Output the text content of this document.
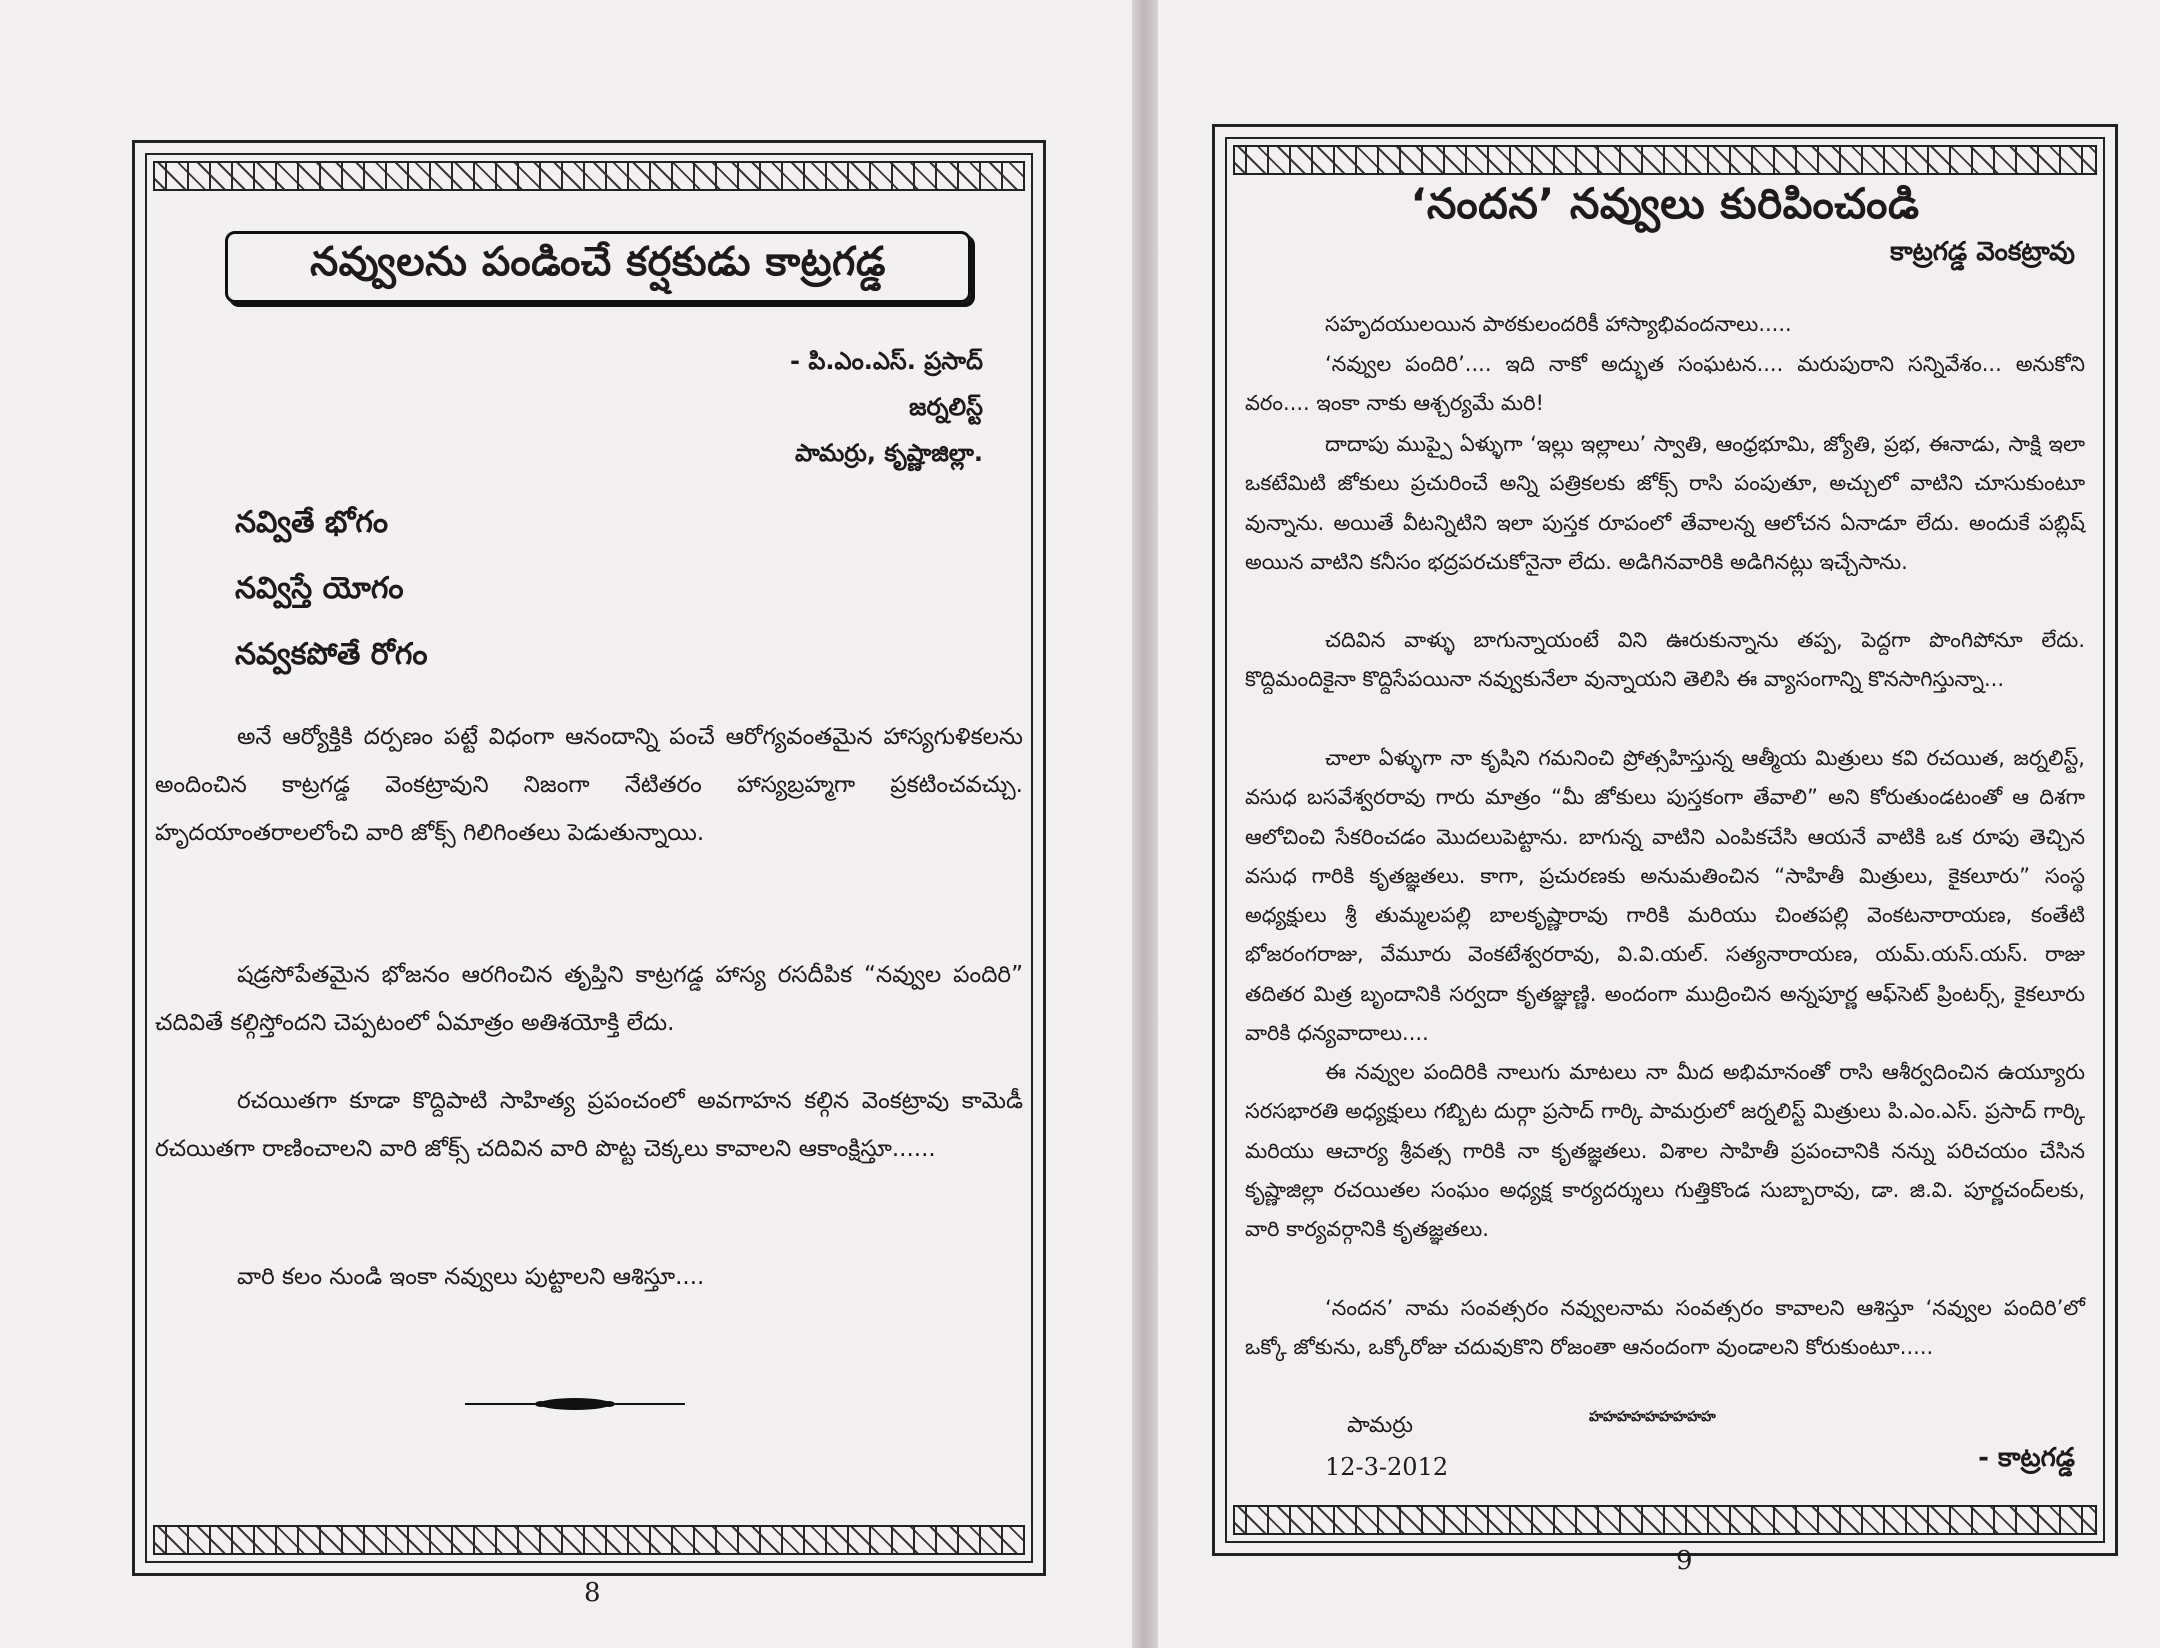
నవ్వులను పండించే కర్షకుడు కాట్రగడ్డ
- పి.ఎం.ఎస్. ప్రసాద్
జర్నలిస్ట్
పామర్రు, కృష్ణాజిల్లా.
నవ్వితే భోగం
నవ్విస్తే యోగం
నవ్వకపోతే రోగం
అనే ఆర్యోక్తికి దర్పణం పట్టే విధంగా ఆనందాన్ని పంచే ఆరోగ్యవంతమైన హాస్యగుళికలను అందించిన కాట్రగడ్డ వెంకట్రావుని నిజంగా నేటితరం హాస్యబ్రహ్మగా ప్రకటించవచ్చు. హృదయాంతరాలలోంచి వారి జోక్స్ గిలిగింతలు పెడుతున్నాయి.
షడ్రసోపేతమైన భోజనం ఆరగించిన తృప్తిని కాట్రగడ్డ హాస్య రసదీపిక “నవ్వుల పందిరి” చదివితే కల్గిస్తోందని చెప్పటంలో ఏమాత్రం అతిశయోక్తి లేదు.
రచయితగా కూడా కొద్దిపాటి సాహిత్య ప్రపంచంలో అవగాహన కల్గిన వెంకట్రావు కామెడీ రచయితగా రాణించాలని వారి జోక్స్ చదివిన వారి పొట్ట చెక్కలు కావాలని ఆకాంక్షిస్తూ......
వారి కలం నుండి ఇంకా నవ్వులు పుట్టాలని ఆశిస్తూ....
8
‘నందన’ నవ్వులు కురిపించండి
కాట్రగడ్డ వెంకట్రావు
సహృదయులయిన పాఠకులందరికీ హాస్యాభివందనాలు.....
‘నవ్వుల పందిరి’.... ఇది నాకో అద్భుత సంఘటన.... మరుపురాని సన్నివేశం... అనుకోని వరం.... ఇంకా నాకు ఆశ్చర్యమే మరి!
దాదాపు ముప్పై ఏళ్ళుగా ‘ఇల్లు ఇల్లాలు’ స్వాతి, ఆంధ్రభూమి, జ్యోతి, ప్రభ, ఈనాడు, సాక్షి ఇలా ఒకటేమిటి జోకులు ప్రచురించే అన్ని పత్రికలకు జోక్స్ రాసి పంపుతూ, అచ్చులో వాటిని చూసుకుంటూ వున్నాను. అయితే వీటన్నిటిని ఇలా పుస్తక రూపంలో తేవాలన్న ఆలోచన ఏనాడూ లేదు. అందుకే పబ్లిష్ అయిన వాటిని కనీసం భద్రపరచుకోనైనా లేదు. అడిగినవారికి అడిగినట్లు ఇచ్చేసాను.
చదివిన వాళ్ళు బాగున్నాయంటే విని ఊరుకున్నాను తప్ప, పెద్దగా పొంగిపోనూ లేదు. కొద్దిమందికైనా కొద్దిసేపయినా నవ్వుకునేలా వున్నాయని తెలిసి ఈ వ్యాసంగాన్ని కొనసాగిస్తున్నా...
చాలా ఏళ్ళుగా నా కృషిని గమనించి ప్రోత్సహిస్తున్న ఆత్మీయ మిత్రులు కవి రచయిత, జర్నలిస్ట్, వసుధ బసవేశ్వరరావు గారు మాత్రం “మీ జోకులు పుస్తకంగా తేవాలి” అని కోరుతుండటంతో ఆ దిశగా ఆలోచించి సేకరించడం మొదలుపెట్టాను. బాగున్న వాటిని ఎంపికచేసి ఆయనే వాటికి ఒక రూపు తెచ్చిన వసుధ గారికి కృతజ్ఞతలు. కాగా, ప్రచురణకు అనుమతించిన “సాహితీ మిత్రులు, కైకలూరు” సంస్థ అధ్యక్షులు శ్రీ తుమ్మలపల్లి బాలకృష్ణారావు గారికి మరియు చింతపల్లి వెంకటనారాయణ, కంతేటి భోజరంగరాజు, వేమూరు వెంకటేశ్వరరావు, వి.వి.యల్. సత్యనారాయణ, యమ్.యస్.యస్. రాజు తదితర మిత్ర బృందానికి సర్వదా కృతజ్ఞుణ్ణి. అందంగా ముద్రించిన అన్నపూర్ణ ఆఫ్‌సెట్ ప్రింటర్స్, కైకలూరు వారికి ధన్యవాదాలు....
ఈ నవ్వుల పందిరికి నాలుగు మాటలు నా మీద అభిమానంతో రాసి ఆశీర్వదించిన ఉయ్యూరు సరసభారతి అధ్యక్షులు గబ్బిట దుర్గా ప్రసాద్ గార్కి పామర్రులో జర్నలిస్ట్ మిత్రులు పి.ఎం.ఎస్. ప్రసాద్ గార్కి మరియు ఆచార్య శ్రీవత్స గారికి నా కృతజ్ఞతలు. విశాల సాహితీ ప్రపంచానికి నన్ను పరిచయం చేసిన కృష్ణాజిల్లా రచయితల సంఘం అధ్యక్ష కార్యదర్శులు గుత్తికొండ సుబ్బారావు, డా. జి.వి. పూర్ణచంద్‌లకు, వారి కార్యవర్గానికి కృతజ్ఞతలు.
‘నందన’ నామ సంవత్సరం నవ్వులనామ సంవత్సరం కావాలని ఆశిస్తూ ‘నవ్వుల పందిరి’లో ఒక్కో జోకును, ఒక్కోరోజు చదువుకొని రోజంతా ఆనందంగా వుండాలని కోరుకుంటూ.....
హహహహహహహహహ
పామర్రు
12-3-2012	- కాట్రగడ్డ
9
